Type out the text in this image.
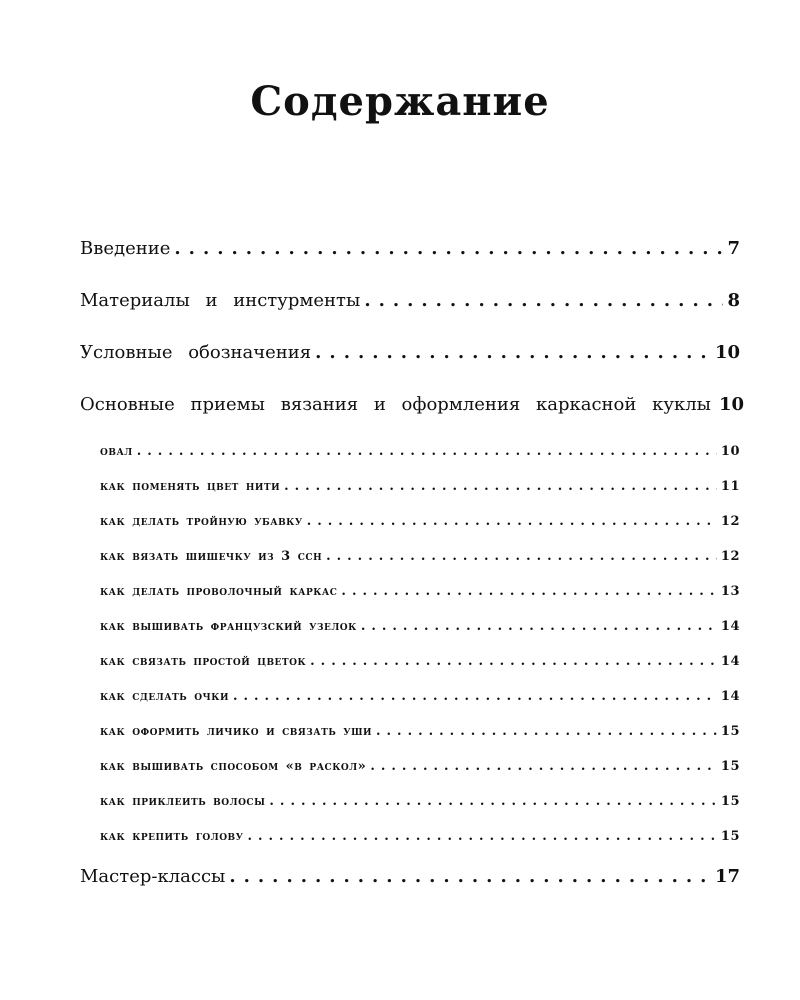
Содержание
Введение .....	7
Материалы и инстурменты .....	8
Условные обозначения .....	10
Основные приемы вязания и оформления каркасной куклы 10
овал .....	10
как поменять цвет нити .....	11
как делать тройную убавку .....	12
как вязать шишечку из 3 ссн .....	12
как делать проволочный каркас .....	13
как вышивать французский узелок .....	14
как связать простой цветок .....	14
как сделать очки .....	14
как оформить личико и связать уши .....	15
как вышивать способом «в раскол» .....	15
как приклеить волосы .....	15
как крепить голову .....	15
Мастер-классы .....	17
